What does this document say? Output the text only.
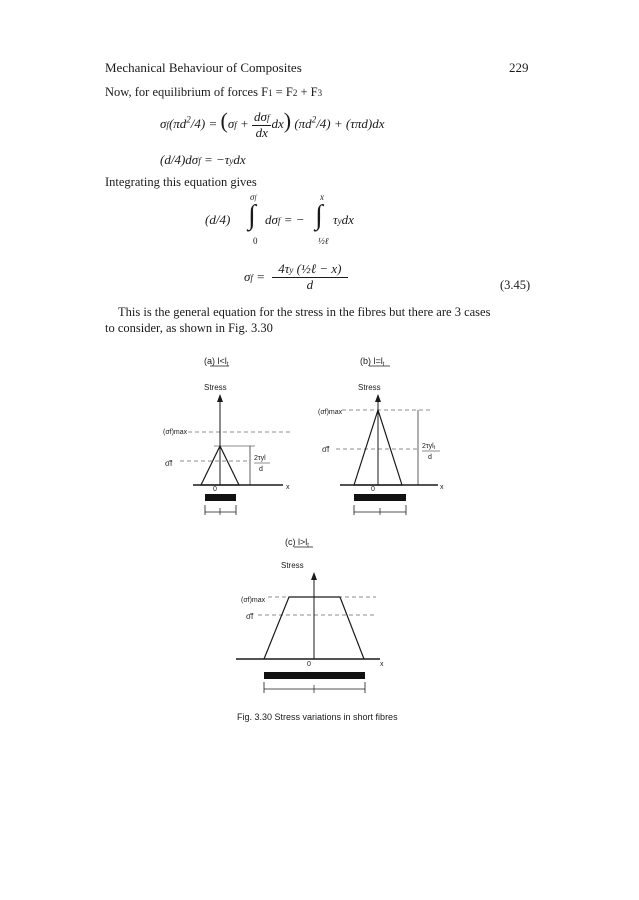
Mechanical Behaviour of Composites	229
Now, for equilibrium of forces F1 = F2 + F3
$\sigma f(\pi d^2/4) = (\sigma f + \frac{\text{dσf}}{dx} dx) (\pi d^2/4) + (\tau\pi d)dx$
(d/4)dσf = −τydx
Integrating this equation gives
σf
(d/4) ∫ dσf = −
0
x
∫ τydx
½ℓ
$\sigma f = \frac{\text{4τy (½ℓ − x)}}{d}$	(3.45)
This is the general equation for the stress in the fibres but there are 3 cases
to consider, as shown in Fig. 3.30
(a) $l<l_t$
Stress
x
0
(σf)max
σ̄f
2τyl
d
(b) $l=l_t$
Stress
x
0
(σf)max
σ̄f	2τylt
d
(c) $l>l_t$
Stress
x
0
(σf)max
σ̄f
Fig. 3.30 Stress variations in short fibres
